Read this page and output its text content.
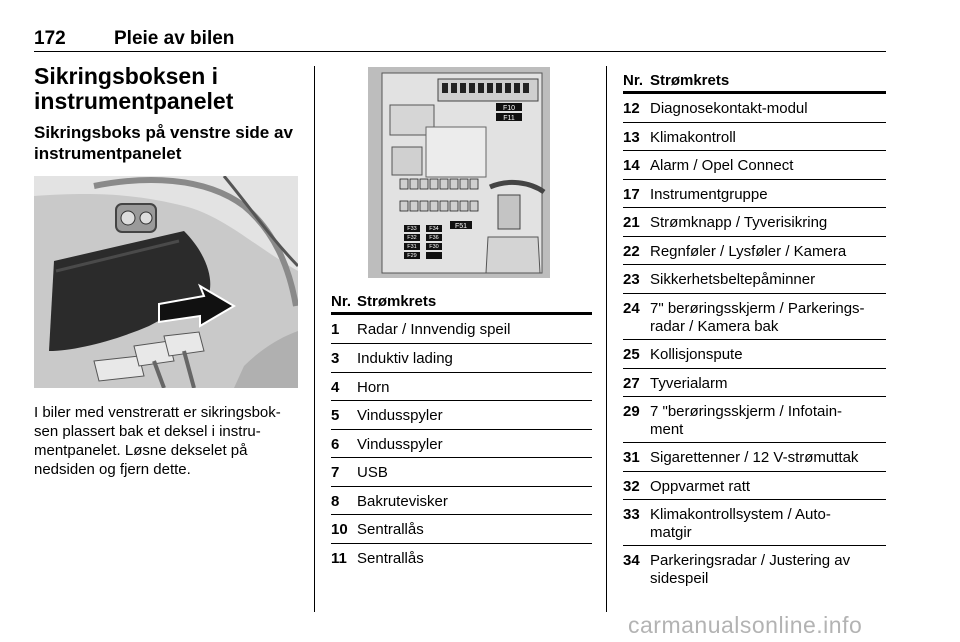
172	Pleie av bilen
Sikringsboksen i
instrumentpanelet
Sikringsboks på venstre side av
instrumentpanelet
I biler med venstreratt er sikringsbok-
sen plassert bak et deksel i instru-
mentpanelet. Løsne dekselet på
nedsiden og fjern dette.
F10
F11
F51
F33 F34
F32 F36
F31 F30
F29
Nr. Strømkrets
1 Radar / Innvendig speil
3 Induktiv lading
4 Horn
5 Vindusspyler
6 Vindusspyler
7 USB
8 Bakrutevisker
10 Sentrallås
11 Sentrallås
Nr. Strømkrets
12 Diagnosekontakt-modul
13 Klimakontroll
14 Alarm / Opel Connect
17 Instrumentgruppe
21 Strømknapp / Tyverisikring
22 Regnføler / Lysføler / Kamera
23 Sikkerhetsbeltepåminner
24 7" berøringsskjerm / Parkerings-
radar / Kamera bak
25 Kollisjonspute
27 Tyverialarm
29 7 "berøringsskjerm / Infotain-
ment
31 Sigarettenner / 12 V-strømuttak
32 Oppvarmet ratt
33 Klimakontrollsystem / Auto-
matgir
34 Parkeringsradar / Justering av
sidespeil
carmanualsonline.info
